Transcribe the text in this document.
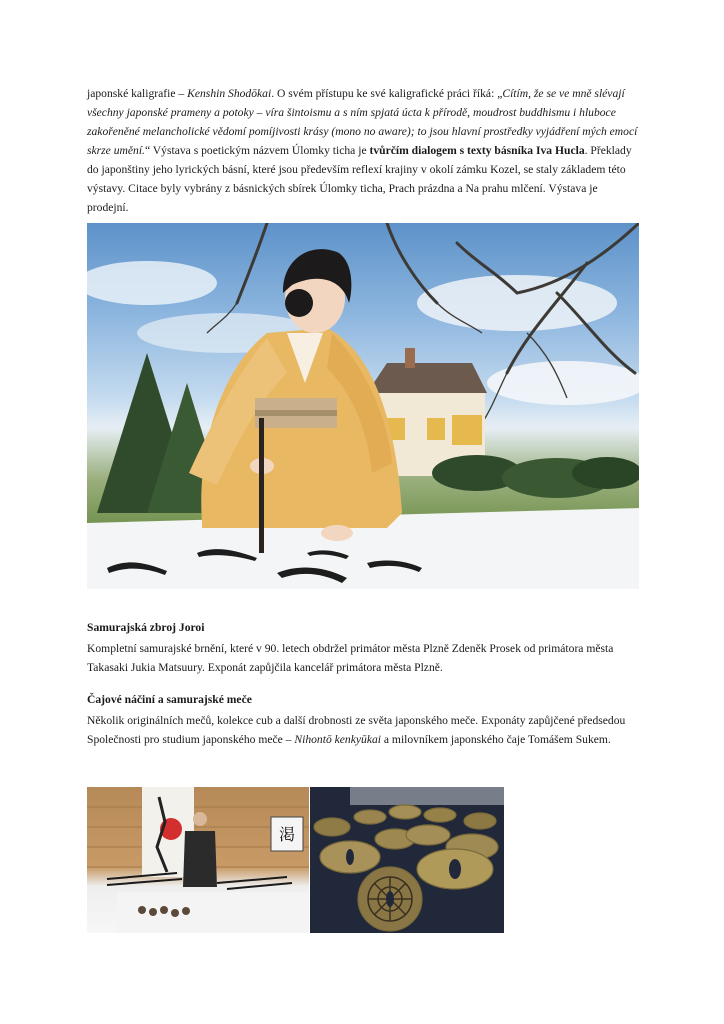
japonské kaligrafie – Kenshin Shodōkai. O svém přístupu ke své kaligrafické práci říká: „Cítím, že se ve mně slévají všechny japonské prameny a potoky – víra šintoismu a s ním spjatá úcta k přírodě, moudrost buddhismu i hluboce zakořeněné melancholické vědomí pomíjivosti krásy (mono no aware); to jsou hlavní prostředky vyjádření mých emocí skrze umění.“ Výstava s poetickým názvem Úlomky ticha je tvůrčím dialogem s texty básníka Iva Hucla. Překlady do japonštiny jeho lyrických básní, které jsou především reflexí krajiny v okolí zámku Kozel, se staly základem této výstavy. Citace byly vybrány z básnických sbírek Úlomky ticha, Prach prázdna a Na prahu mlčení. Výstava je prodejní.

Samurajská zbroj Joroi

Kompletní samurajské brnění, které v 90. letech obdržel primátor města Plzně Zdeněk Prosek od primátora města Takasaki Jukia Matsuury. Exponát zapůjčila kancelář primátora města Plzně.

Čajové náčiní a samurajské meče

Několik originálních mečů, kolekce cub a další drobnosti ze světa japonského meče. Exponáty zapůjčené předsedou Společnosti pro studium japonského meče – Nihontō kenkyūkai a milovníkem japonského čaje Tomášem Sukem.

渇
